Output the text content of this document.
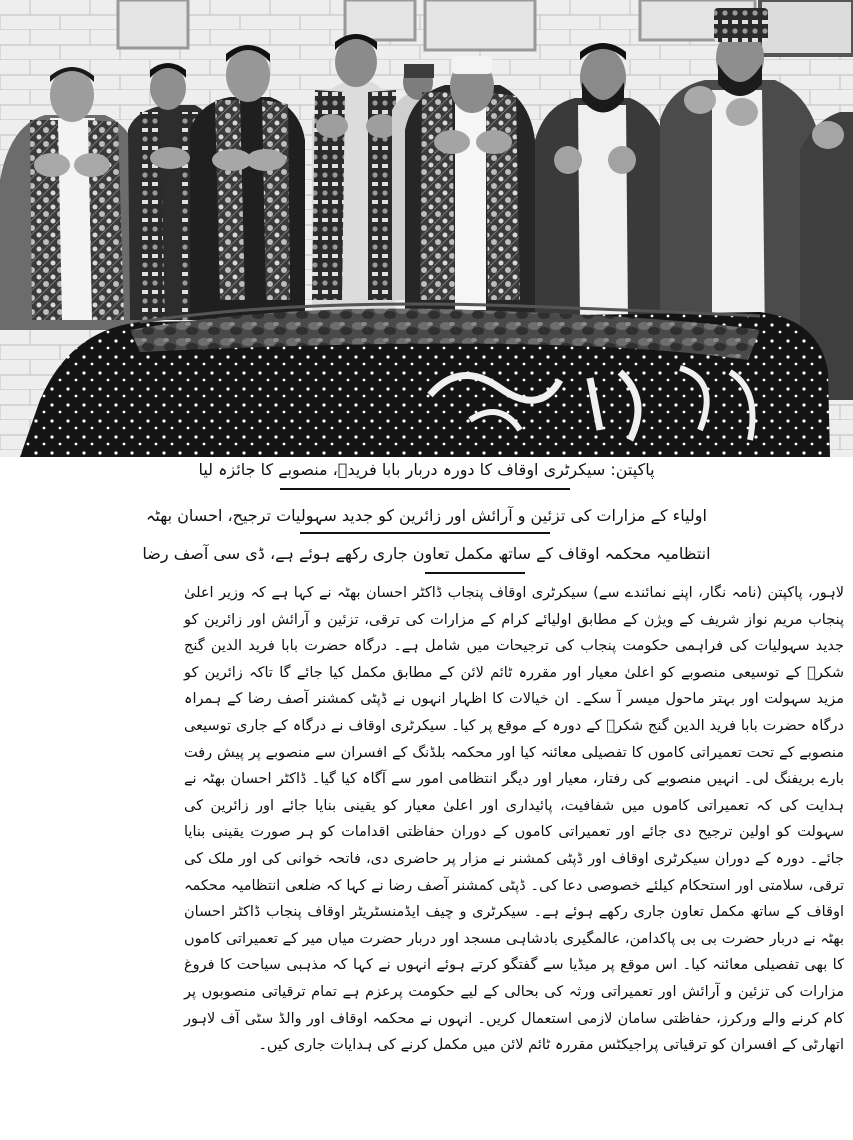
پاکپتن: سیکرٹری اوقاف کا دورہ دربار بابا فریدؒ، منصوبے کا جائزہ لیا
اولیاء کے مزارات کی تزئین و آرائش اور زائرین کو جدید سہولیات ترجیح، احسان بھٹہ
انتظامیہ محکمہ اوقاف کے ساتھ مکمل تعاون جاری رکھے ہوئے ہے، ڈی سی آصف رضا
لاہور، پاکپتن (نامہ نگار، اپنے نمائندے سے) سیکرٹری اوقاف پنجاب ڈاکٹر احسان بھٹہ نے کہا ہے کہ وزیر اعلیٰ پنجاب مریم نواز شریف کے ویژن کے مطابق اولیائے کرام کے مزارات کی ترقی، تزئین و آرائش اور زائرین کو جدید سہولیات کی فراہمی حکومت پنجاب کی ترجیحات میں شامل ہے۔ درگاہ حضرت بابا فرید الدین گنج شکرؒ کے توسیعی منصوبے کو اعلیٰ معیار اور مقررہ ٹائم لائن کے مطابق مکمل کیا جائے گا تاکہ زائرین کو مزید سہولت اور بہتر ماحول میسر آ سکے۔ ان خیالات کا اظہار انہوں نے ڈپٹی کمشنر آصف رضا کے ہمراہ درگاہ حضرت بابا فرید الدین گنج شکرؒ کے دورہ کے موقع پر کیا۔ سیکرٹری اوقاف نے درگاہ کے جاری توسیعی منصوبے کے تحت تعمیراتی کاموں کا تفصیلی معائنہ کیا اور محکمہ بلڈنگ کے افسران سے منصوبے پر پیش رفت بارے بریفنگ لی۔ انہیں منصوبے کی رفتار، معیار اور دیگر انتظامی امور سے آگاہ کیا گیا۔ ڈاکٹر احسان بھٹہ نے ہدایت کی کہ تعمیراتی کاموں میں شفافیت، پائیداری اور اعلیٰ معیار کو یقینی بنایا جائے اور زائرین کی سہولت کو اولین ترجیح دی جائے اور تعمیراتی کاموں کے دوران حفاظتی اقدامات کو ہر صورت یقینی بنایا جائے۔ دورہ کے دوران سیکرٹری اوقاف اور ڈپٹی کمشنر نے مزار پر حاضری دی، فاتحہ خوانی کی اور ملک کی ترقی، سلامتی اور استحکام کیلئے خصوصی دعا کی۔ ڈپٹی کمشنر آصف رضا نے کہا کہ ضلعی انتظامیہ محکمہ اوقاف کے ساتھ مکمل تعاون جاری رکھے ہوئے ہے۔ سیکرٹری و چیف ایڈمنسٹریٹر اوقاف پنجاب ڈاکٹر احسان بھٹہ نے دربار حضرت بی بی پاکدامن، عالمگیری بادشاہی مسجد اور دربار حضرت میاں میر کے تعمیراتی کاموں کا بھی تفصیلی معائنہ کیا۔ اس موقع پر میڈیا سے گفتگو کرتے ہوئے انہوں نے کہا کہ مذہبی سیاحت کا فروغ مزارات کی تزئین و آرائش اور تعمیراتی ورثہ کی بحالی کے لیے حکومت پرعزم ہے تمام ترقیاتی منصوبوں پر کام کرنے والے ورکرز، حفاظتی سامان لازمی استعمال کریں۔ انہوں نے محکمہ اوقاف اور والڈ سٹی آف لاہور اتھارٹی کے افسران کو ترقیاتی پراجیکٹس مقررہ ٹائم لائن میں مکمل کرنے کی ہدایات جاری کیں۔
